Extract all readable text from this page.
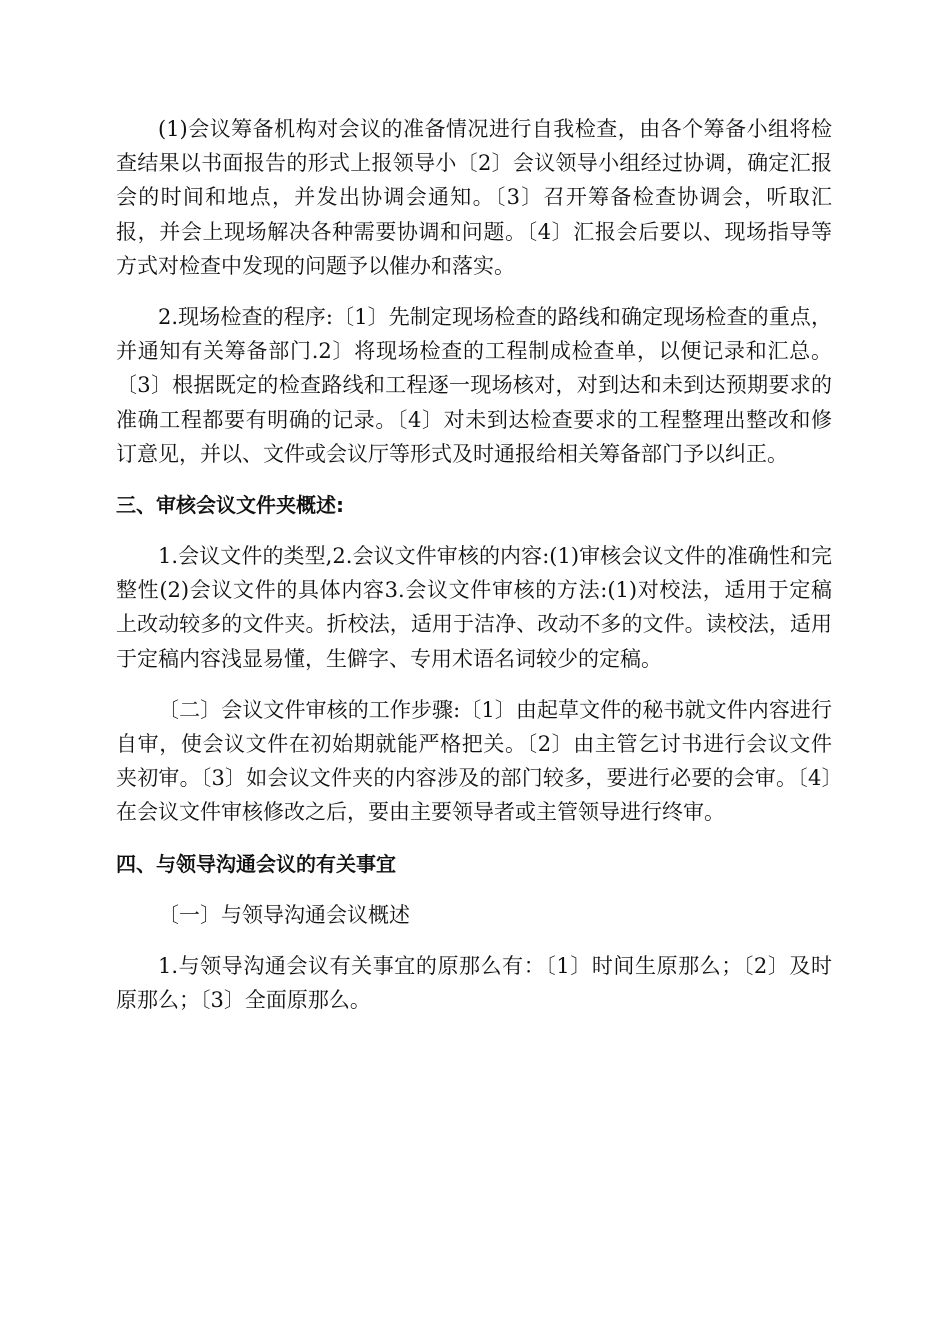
(1)会议筹备机构对会议的准备情况进行自我检查，由各个筹备小组将检查结果以书面报告的形式上报领导小〔2〕会议领导小组经过协调，确定汇报会的时间和地点，并发出协调会通知。〔3〕召开筹备检查协调会，听取汇报，并会上现场解决各种需要协调和问题。〔4〕汇报会后要以、现场指导等方式对检查中发现的问题予以催办和落实。

2.现场检查的程序:〔1〕先制定现场检查的路线和确定现场检查的重点，并通知有关筹备部门.2〕将现场检查的工程制成检查单，以便记录和汇总。〔3〕根据既定的检查路线和工程逐一现场核对，对到达和未到达预期要求的准确工程都要有明确的记录。〔4〕对未到达检查要求的工程整理出整改和修订意见，并以、文件或会议厅等形式及时通报给相关筹备部门予以纠正。

三、审核会议文件夹概述:

1.会议文件的类型,2.会议文件审核的内容:(1)审核会议文件的准确性和完整性(2)会议文件的具体内容3.会议文件审核的方法:(1)对校法，适用于定稿上改动较多的文件夹。折校法，适用于洁净、改动不多的文件。读校法，适用于定稿内容浅显易懂，生僻字、专用术语名词较少的定稿。

〔二〕会议文件审核的工作步骤:〔1〕由起草文件的秘书就文件内容进行自审，使会议文件在初始期就能严格把关。〔2〕由主管乞讨书进行会议文件夹初审。〔3〕如会议文件夹的内容涉及的部门较多，要进行必要的会审。〔4〕在会议文件审核修改之后，要由主要领导者或主管领导进行终审。

四、与领导沟通会议的有关事宜

〔一〕与领导沟通会议概述

1.与领导沟通会议有关事宜的原那么有：〔1〕时间生原那么；〔2〕及时原那么；〔3〕全面原那么。
